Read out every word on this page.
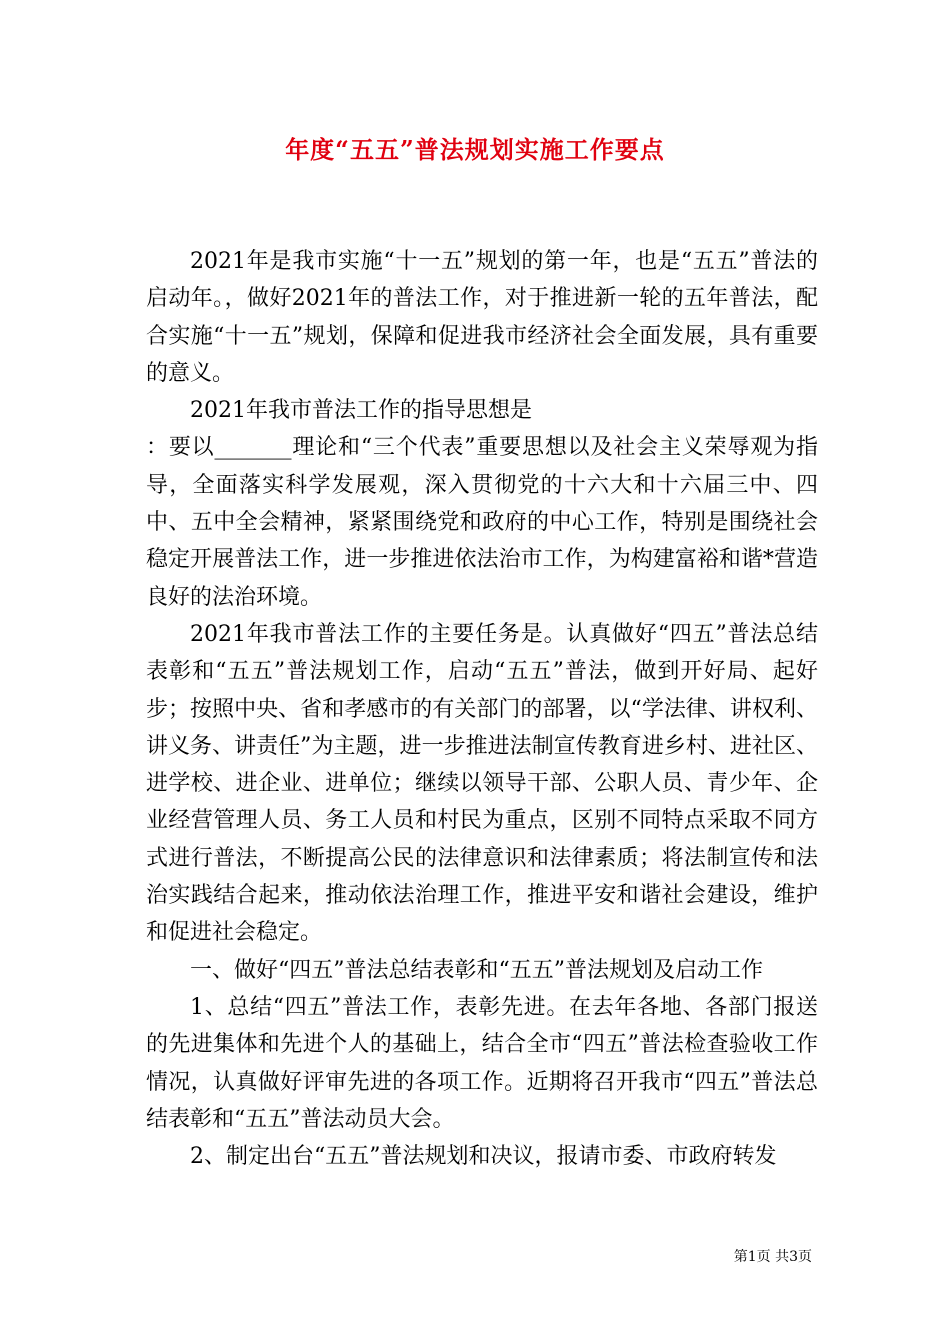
年度“五五”普法规划实施工作要点

2021年是我市实施“十一五”规划的第一年，也是“五五”普法的启动年。，做好2021年的普法工作，对于推进新一轮的五年普法，配合实施“十一五”规划，保障和促进我市经济社会全面发展，具有重要的意义。

2021年我市普法工作的指导思想是

：要以_______理论和“三个代表”重要思想以及社会主义荣辱观为指导，全面落实科学发展观，深入贯彻党的十六大和十六届三中、四中、五中全会精神，紧紧围绕党和政府的中心工作，特别是围绕社会稳定开展普法工作，进一步推进依法治市工作，为构建富裕和谐*营造良好的法治环境。

2021年我市普法工作的主要任务是。认真做好“四五”普法总结表彰和“五五”普法规划工作，启动“五五”普法，做到开好局、起好步；按照中央、省和孝感市的有关部门的部署，以“学法律、讲权利、讲义务、讲责任”为主题，进一步推进法制宣传教育进乡村、进社区、进学校、进企业、进单位；继续以领导干部、公职人员、青少年、企业经营管理人员、务工人员和村民为重点，区别不同特点采取不同方式进行普法，不断提高公民的法律意识和法律素质；将法制宣传和法治实践结合起来，推动依法治理工作，推进平安和谐社会建设，维护和促进社会稳定。

一、做好“四五”普法总结表彰和“五五”普法规划及启动工作

1、总结“四五”普法工作，表彰先进。在去年各地、各部门报送的先进集体和先进个人的基础上，结合全市“四五”普法检查验收工作情况，认真做好评审先进的各项工作。近期将召开我市“四五”普法总结表彰和“五五”普法动员大会。

2、制定出台“五五”普法规划和决议，报请市委、市政府转发

第1页 共3页
